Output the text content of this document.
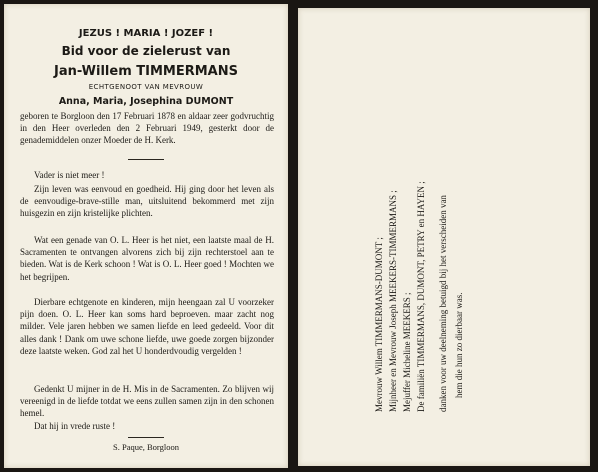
JEZUS ! MARIA ! JOZEF !
Bid voor de zielerust van
Jan-Willem TIMMERMANS
ECHTGENOOT VAN MEVROUW
Anna, Maria, Josephina DUMONT
geboren te Borgloon den 17 Februari 1878 en aldaar zeer godvruchtig in den Heer overleden den 2 Februari 1949, gesterkt door de genademiddelen onzer Moeder de H. Kerk.
Vader is niet meer !
Zijn leven was eenvoud en goedheid. Hij ging door het leven als de eenvoudige-brave-stille man, uitsluitend bekommerd met zijn huisgezin en zijn kristelijke plichten.
Wat een genade van O. L. Heer is het niet, een laatste maal de H. Sacramenten te ontvangen alvorens zich bij zijn rechterstoel aan te bieden. Wat is de Kerk schoon ! Wat is O. L. Heer goed ! Mochten we het begrijpen.
Dierbare echtgenote en kinderen, mijn heengaan zal U voorzeker pijn doen. O. L. Heer kan soms hard beproeven. maar zacht nog milder. Vele jaren hebben we samen liefde en leed gedeeld. Voor dit alles dank ! Dank om uwe schone liefde, uwe goede zorgen bijzonder deze laatste weken. God zal het U honderdvoudig vergelden !
Gedenkt U mijner in de H. Mis in de Sacramenten. Zo blijven wij vereenigd in de liefde totdat we eens zullen samen zijn in den schonen hemel.
Dat hij in vrede ruste !
S. Paque, Borgloon
Mevrouw Willem TIMMERMANS-DUMONT ; Mijnheer en Mevrouw Joseph MEEKERS-TIMMERMANS ; Mejuffer Micheline MEEKERS ; De familiën TIMMERMANS, DUMONT, PETRY en HAYEN ; danken voor uw deelneming betuigd bij het verscheiden van hem die hun zo dierbaar was.
